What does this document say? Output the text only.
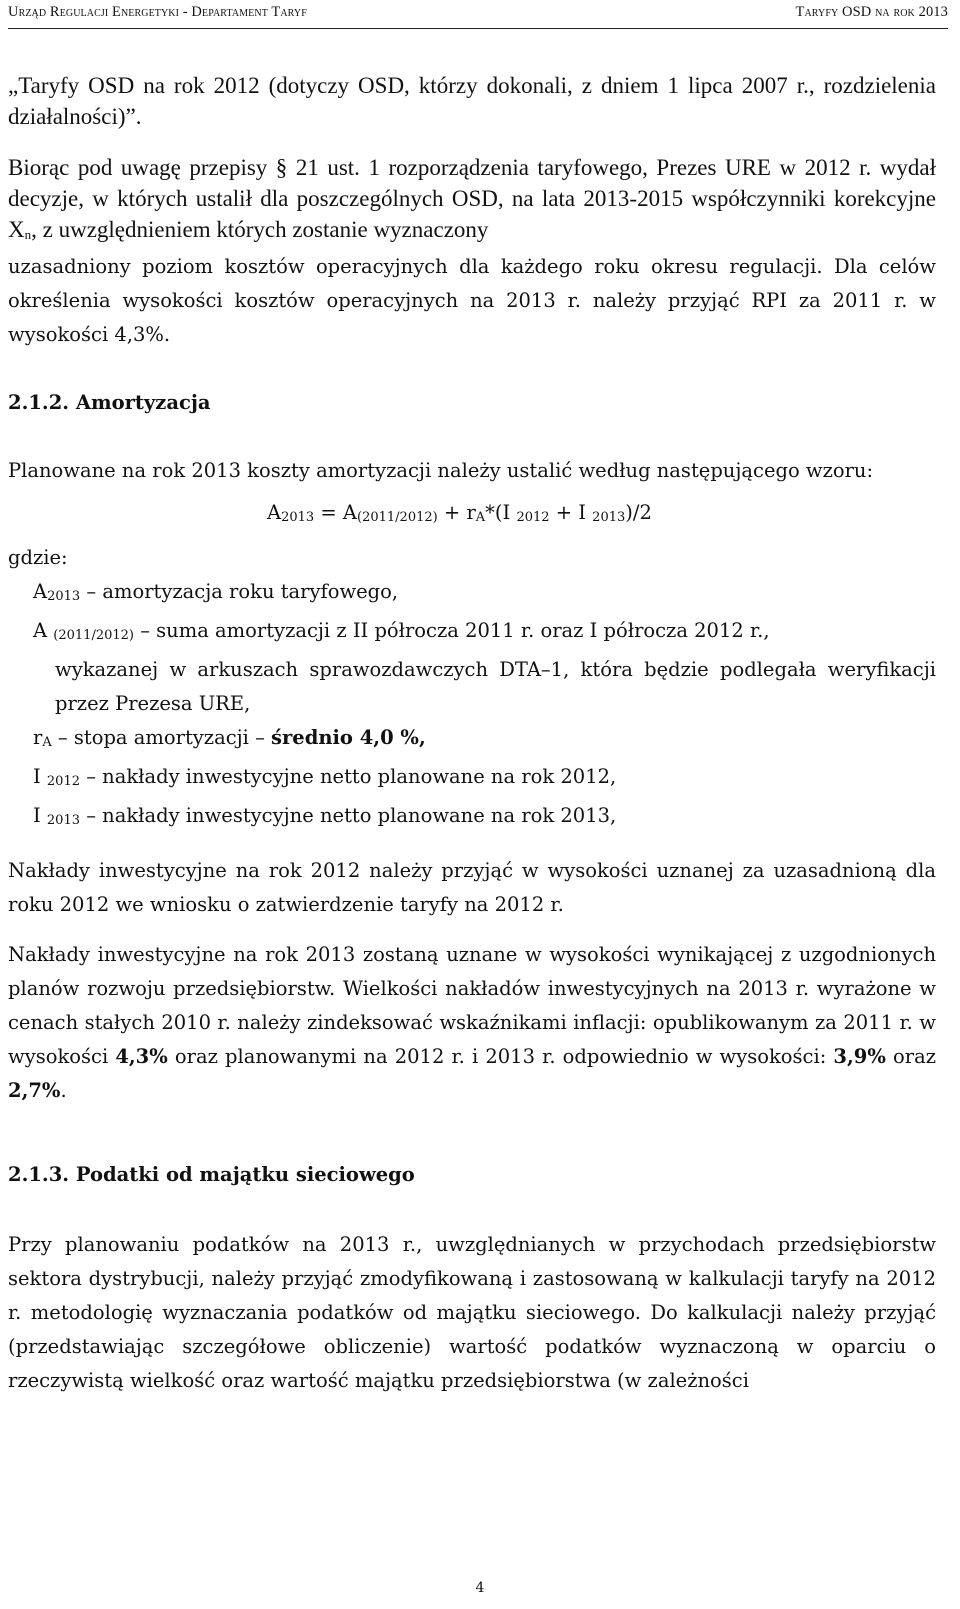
Urząd Regulacji Energetyki - Departament Taryf	Taryfy OSD na rok 2013

„Taryfy OSD na rok 2012 (dotyczy OSD, którzy dokonali, z dniem 1 lipca 2007 r., rozdzielenia działalności)”.

Biorąc pod uwagę przepisy § 21 ust. 1 rozporządzenia taryfowego, Prezes URE w 2012 r. wydał decyzje, w których ustalił dla poszczególnych OSD, na lata 2013-2015 współczynniki korekcyjne $X_n$, z uwzględnieniem których zostanie wyznaczony

uzasadniony poziom kosztów operacyjnych dla każdego roku okresu regulacji. Dla celów określenia wysokości kosztów operacyjnych na 2013 r. należy przyjąć RPI za 2011 r. w wysokości 4,3%.

2.1.2. Amortyzacja

Planowane na rok 2013 koszty amortyzacji należy ustalić według następującego wzoru:

$A_{2013} = A_{(2011/2012)} + r_A*(I$ $_{2012}$ + I $_{2013}$)/2

gdzie:

$A_{2013}$ – amortyzacja roku taryfowego,

A $_{(2011/2012)}$ – suma amortyzacji z II półrocza 2011 r. oraz I półrocza 2012 r.,
wykazanej w arkuszach sprawozdawczych DTA–1, która będzie podlegała weryfikacji przez Prezesa URE,

$r_A$ – stopa amortyzacji – średnio 4,0 %,

I $_{2012}$ – nakłady inwestycyjne netto planowane na rok 2012,

I $_{2013}$ – nakłady inwestycyjne netto planowane na rok 2013,

Nakłady inwestycyjne na rok 2012 należy przyjąć w wysokości uznanej za uzasadnioną dla roku 2012 we wniosku o zatwierdzenie taryfy na 2012 r.

Nakłady inwestycyjne na rok 2013 zostaną uznane w wysokości wynikającej z uzgodnionych planów rozwoju przedsiębiorstw. Wielkości nakładów inwestycyjnych na 2013 r. wyrażone w cenach stałych 2010 r. należy zindeksować wskaźnikami inflacji: opublikowanym za 2011 r. w wysokości 4,3% oraz planowanymi na 2012 r. i 2013 r. odpowiednio w wysokości: 3,9% oraz 2,7%.

2.1.3. Podatki od majątku sieciowego

Przy planowaniu podatków na 2013 r., uwzględnianych w przychodach przedsiębiorstw sektora dystrybucji, należy przyjąć zmodyfikowaną i zastosowaną w kalkulacji taryfy na 2012 r. metodologię wyznaczania podatków od majątku sieciowego. Do kalkulacji należy przyjąć (przedstawiając szczegółowe obliczenie) wartość podatków wyznaczoną w oparciu o rzeczywistą wielkość oraz wartość majątku przedsiębiorstwa (w zależności

4
